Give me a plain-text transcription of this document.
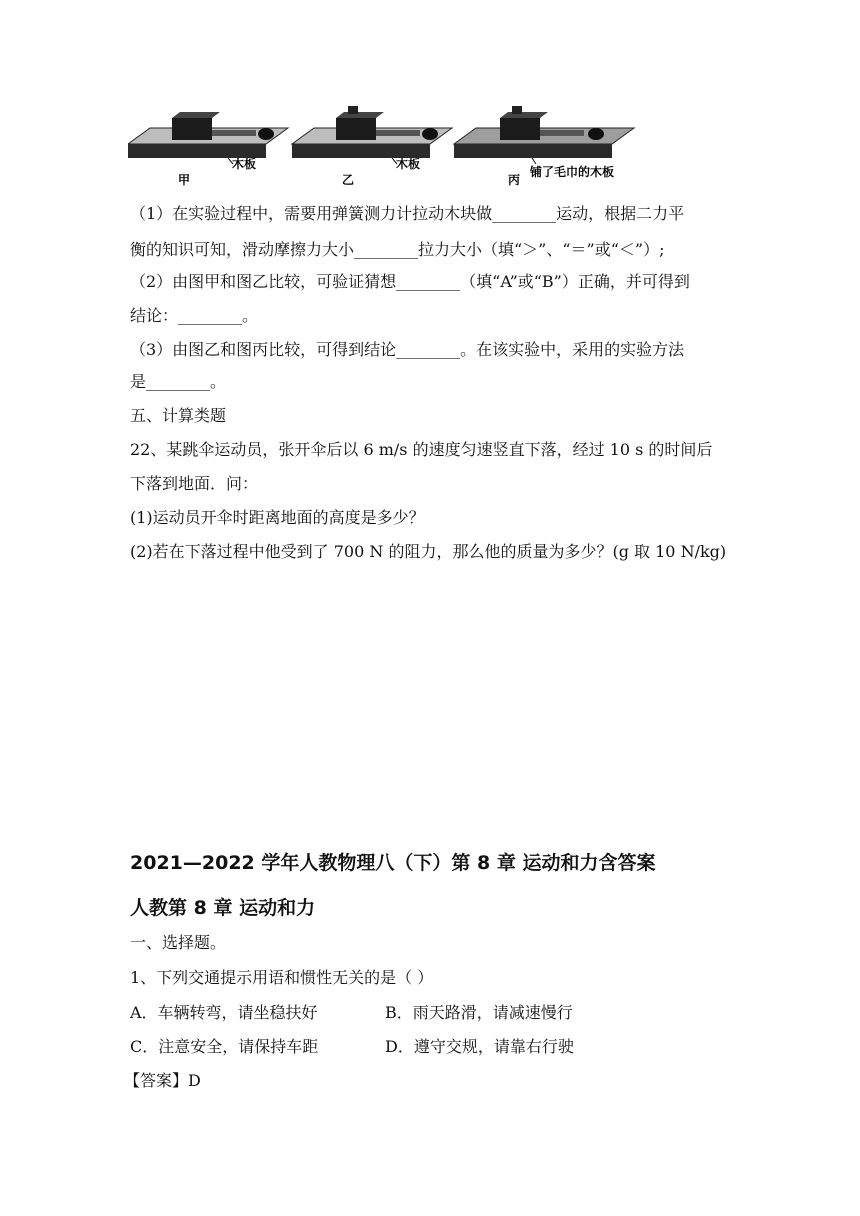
木板
甲
木板
乙
铺了毛巾的木板
丙

（1）在实验过程中，需要用弹簧测力计拉动木块做________运动，根据二力平

衡的知识可知，滑动摩擦力大小________拉力大小（填“＞”、“＝”或“＜”）;

（2）由图甲和图乙比较，可验证猜想________（填“A”或“B”）正确，并可得到

结论：________。

（3）由图乙和图丙比较，可得到结论________。在该实验中，采用的实验方法

是________。

五、计算类题

22、某跳伞运动员，张开伞后以 6 m/s 的速度匀速竖直下落，经过 10 s 的时间后

下落到地面．问：

(1)运动员开伞时距离地面的高度是多少？

(2)若在下落过程中他受到了 700 N 的阻力，那么他的质量为多少？(g 取 10 N/kg)

2021—2022 学年人教物理八（下）第 8 章 运动和力含答案

人教第 8 章 运动和力

一、选择题。

1、下列交通提示用语和惯性无关的是（ ）

A．车辆转弯，请坐稳扶好	B．雨天路滑，请减速慢行

C．注意安全，请保持车距	D．遵守交规，请靠右行驶

【答案】D
